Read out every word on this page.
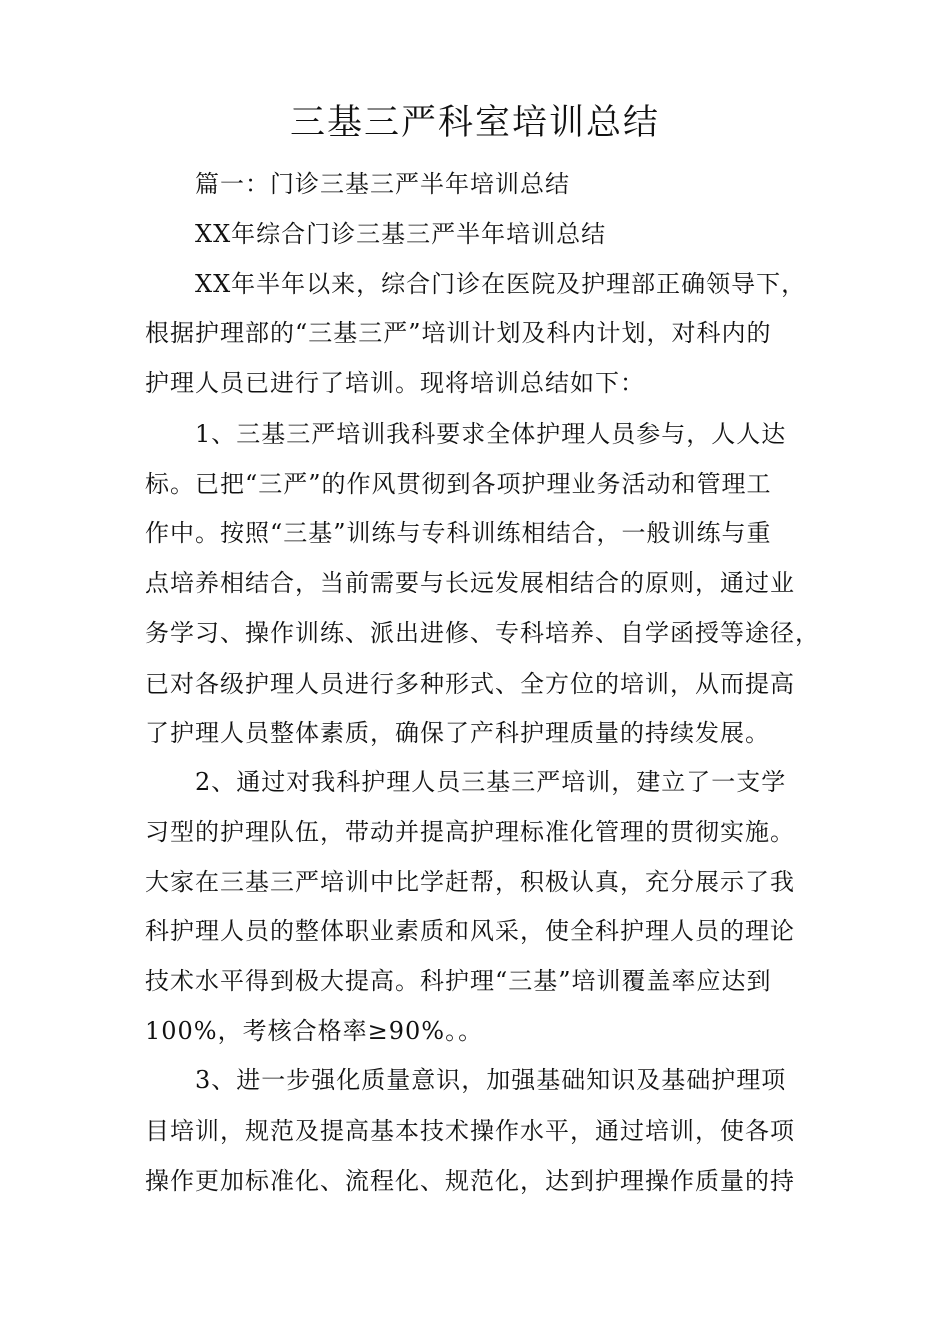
三基三严科室培训总结
篇一：门诊三基三严半年培训总结
XX年综合门诊三基三严半年培训总结
XX年半年以来，综合门诊在医院及护理部正确领导下，
根据护理部的“三基三严”培训计划及科内计划，对科内的
护理人员已进行了培训。现将培训总结如下：
1、三基三严培训我科要求全体护理人员参与，人人达
标。已把“三严”的作风贯彻到各项护理业务活动和管理工
作中。按照“三基”训练与专科训练相结合，一般训练与重
点培养相结合，当前需要与长远发展相结合的原则，通过业
务学习、操作训练、派出进修、专科培养、自学函授等途径，
已对各级护理人员进行多种形式、全方位的培训，从而提高
了护理人员整体素质，确保了产科护理质量的持续发展。
2、通过对我科护理人员三基三严培训，建立了一支学
习型的护理队伍，带动并提高护理标准化管理的贯彻实施。
大家在三基三严培训中比学赶帮，积极认真，充分展示了我
科护理人员的整体职业素质和风采，使全科护理人员的理论
技术水平得到极大提高。科护理“三基”培训覆盖率应达到
100%，考核合格率≥90%。。
3、进一步强化质量意识，加强基础知识及基础护理项
目培训，规范及提高基本技术操作水平，通过培训，使各项
操作更加标准化、流程化、规范化，达到护理操作质量的持
